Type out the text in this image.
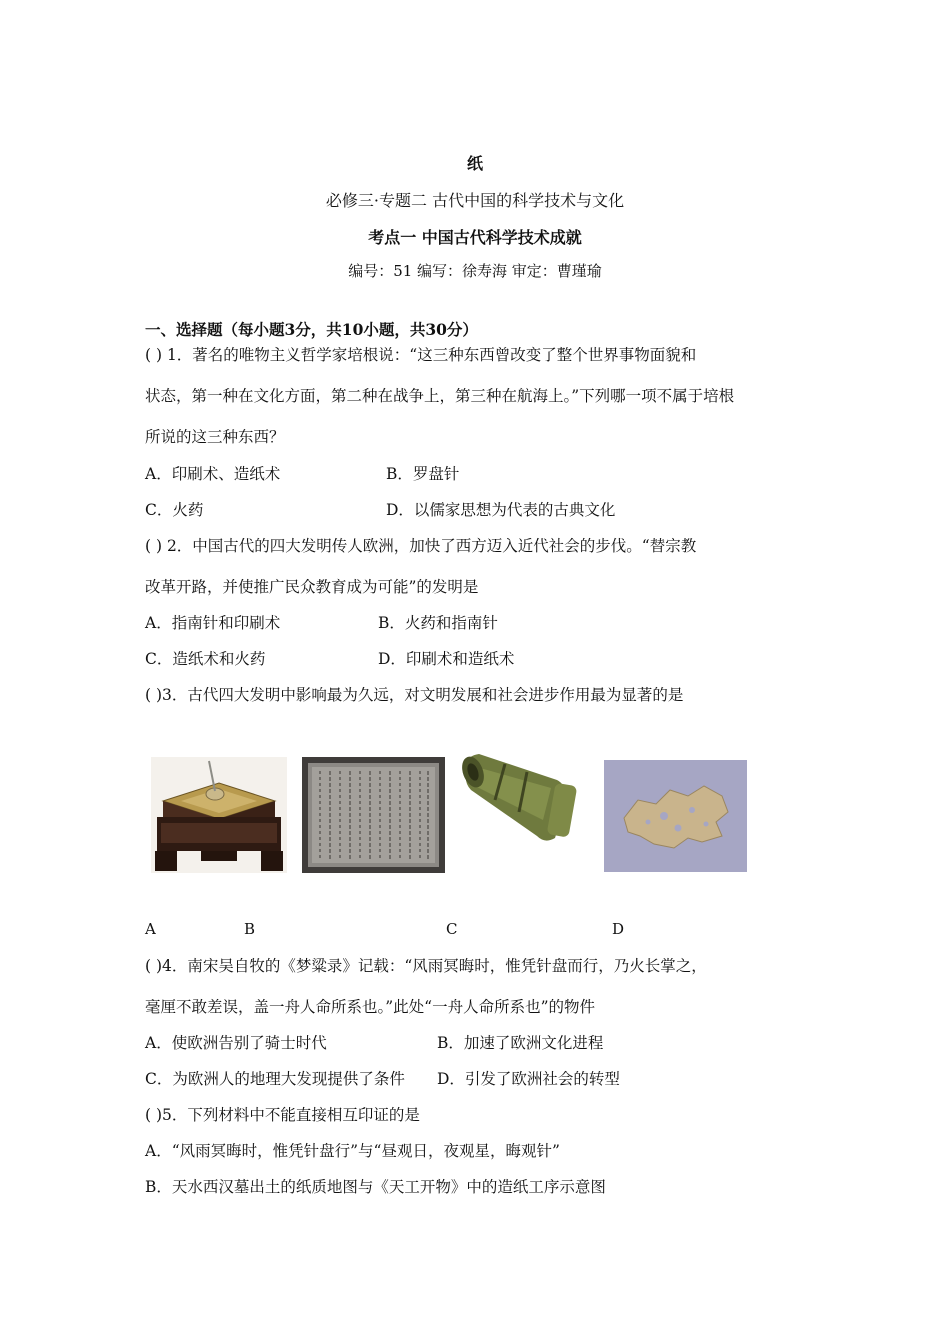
纸
必修三·专题二 古代中国的科学技术与文化
考点一 中国古代科学技术成就
编号：51 编写：徐寿海 审定：曹瑾瑜
一、选择题（每小题3分，共10小题，共30分）
( ) 1．著名的唯物主义哲学家培根说：“这三种东西曾改变了整个世界事物面貌和
状态，第一种在文化方面，第二种在战争上，第三种在航海上。”下列哪一项不属于培根
所说的这三种东西？
A．印刷术、造纸术	B．罗盘针
C．火药	D．以儒家思想为代表的古典文化
( ) 2．中国古代的四大发明传人欧洲，加快了西方迈入近代社会的步伐。“替宗教
改革开路，并使推广民众教育成为可能”的发明是
A．指南针和印刷术	B．火药和指南针
C．造纸术和火药	D．印刷术和造纸术
( )3．古代四大发明中影响最为久远，对文明发展和社会进步作用最为显著的是
A	B	C	D
( )4．南宋吴自牧的《梦粱录》记载：“风雨冥晦时，惟凭针盘而行，乃火长掌之，
毫厘不敢差误，盖一舟人命所系也。”此处“一舟人命所系也”的物件
A．使欧洲告别了骑士时代	B．加速了欧洲文化进程
C．为欧洲人的地理大发现提供了条件 D．引发了欧洲社会的转型
( )5．下列材料中不能直接相互印证的是
A．“风雨冥晦时，惟凭针盘行”与“昼观日，夜观星，晦观针”
B．天水西汉墓出土的纸质地图与《天工开物》中的造纸工序示意图
